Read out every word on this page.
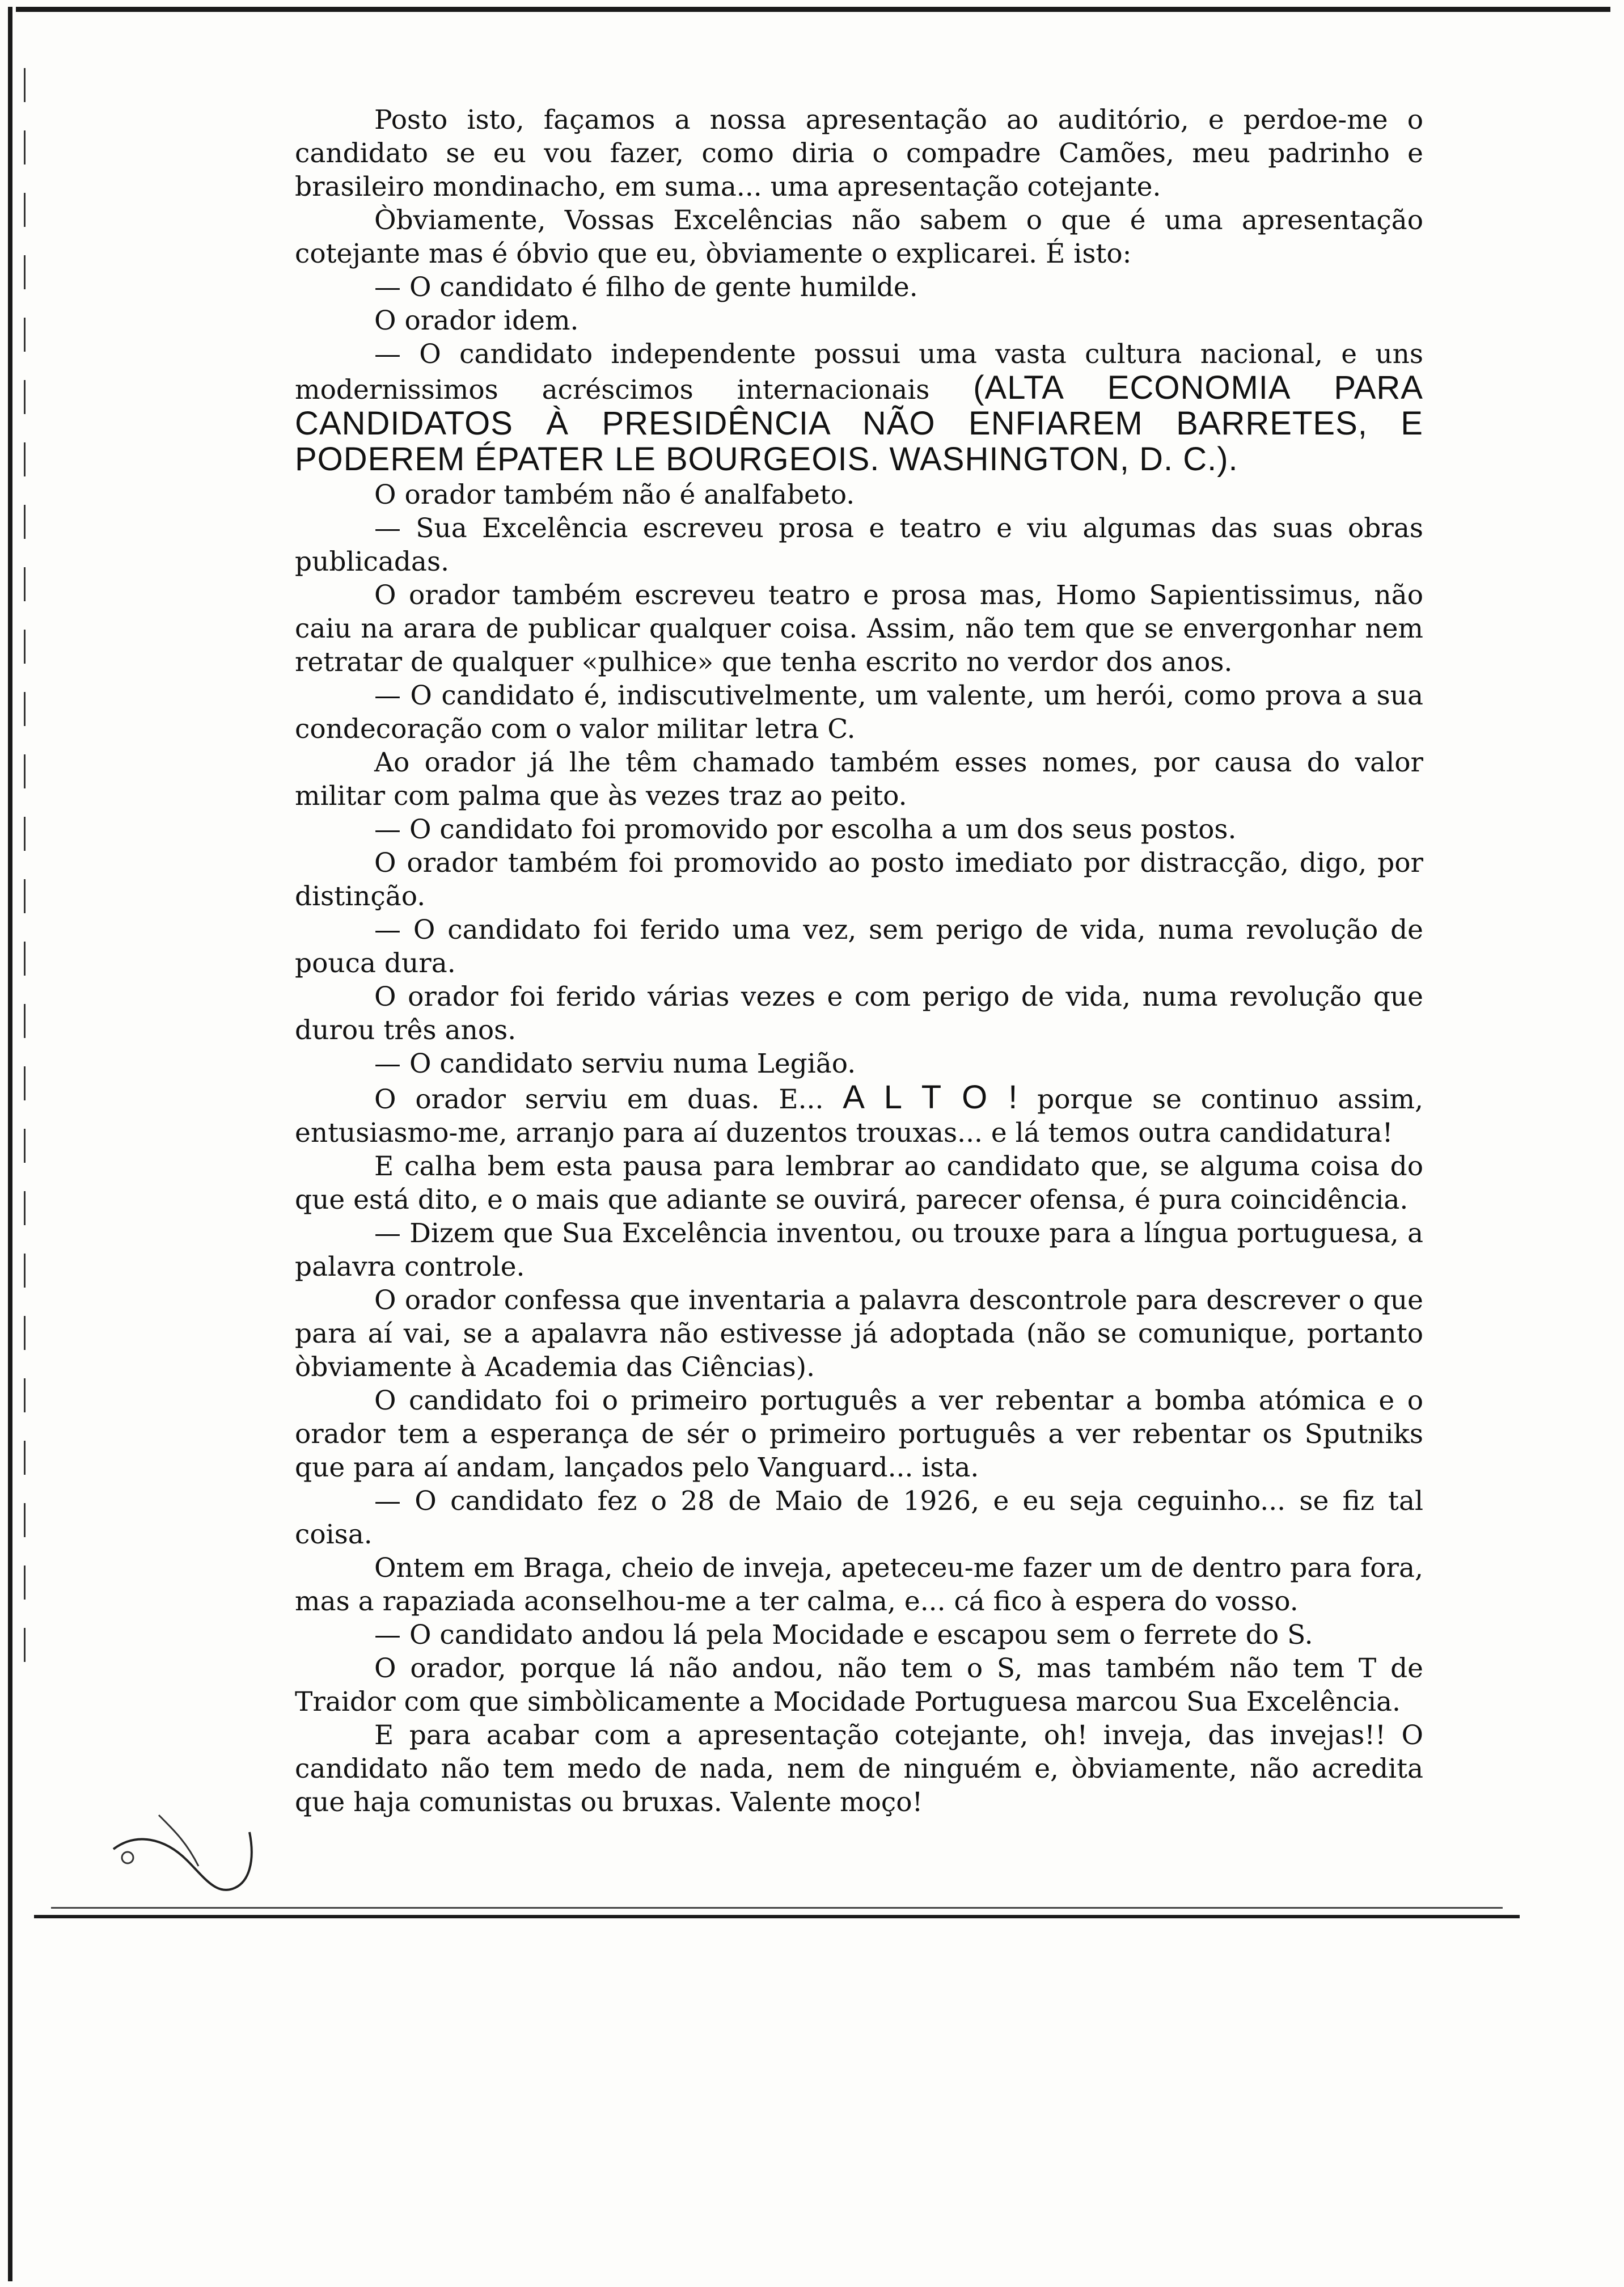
Posto isto, façamos a nossa apresentação ao auditório, e perdoe-me o candidato se eu vou fazer, como diria o compadre Camões, meu padrinho e brasileiro mondinacho, em suma... uma apresentação cotejante.

Òbviamente, Vossas Excelências não sabem o que é uma apresentação cotejante mas é óbvio que eu, òbviamente o explicarei. É isto:

— O candidato é filho de gente humilde.

O orador idem.

— O candidato independente possui uma vasta cultura nacional, e uns modernissimos acréscimos internacionais (ALTA ECONOMIA PARA CANDIDATOS À PRESIDÊNCIA NÃO ENFIAREM BARRETES, E PODEREM ÉPATER LE BOURGEOIS. WASHINGTON, D. C.).

O orador também não é analfabeto.

— Sua Excelência escreveu prosa e teatro e viu algumas das suas obras publicadas.

O orador também escreveu teatro e prosa mas, Homo Sapientissimus, não caiu na arara de publicar qualquer coisa. Assim, não tem que se envergonhar nem retratar de qualquer «pulhice» que tenha escrito no verdor dos anos.

— O candidato é, indiscutivelmente, um valente, um herói, como prova a sua condecoração com o valor militar letra C.

Ao orador já lhe têm chamado também esses nomes, por causa do valor militar com palma que às vezes traz ao peito.

— O candidato foi promovido por escolha a um dos seus postos.

O orador também foi promovido ao posto imediato por distracção, digo, por distinção.

— O candidato foi ferido uma vez, sem perigo de vida, numa revolução de pouca dura.

O orador foi ferido várias vezes e com perigo de vida, numa revolução que durou três anos.

— O candidato serviu numa Legião.

O orador serviu em duas. E... A L T O ! porque se continuo assim, entusiasmo-me, arranjo para aí duzentos trouxas... e lá temos outra candidatura!

E calha bem esta pausa para lembrar ao candidato que, se alguma coisa do que está dito, e o mais que adiante se ouvirá, parecer ofensa, é pura coincidência.

— Dizem que Sua Excelência inventou, ou trouxe para a língua portuguesa, a palavra controle.

O orador confessa que inventaria a palavra descontrole para descrever o que para aí vai, se a apalavra não estivesse já adoptada (não se comunique, portanto òbviamente à Academia das Ciências).

O candidato foi o primeiro português a ver rebentar a bomba atómica e o orador tem a esperança de sér o primeiro português a ver rebentar os Sputniks que para aí andam, lançados pelo Vanguard... ista.

— O candidato fez o 28 de Maio de 1926, e eu seja ceguinho... se fiz tal coisa.

Ontem em Braga, cheio de inveja, apeteceu-me fazer um de dentro para fora, mas a rapaziada aconselhou-me a ter calma, e... cá fico à espera do vosso.

— O candidato andou lá pela Mocidade e escapou sem o ferrete do S.

O orador, porque lá não andou, não tem o S, mas também não tem T de Traidor com que simbòlicamente a Mocidade Portuguesa marcou Sua Excelência.

E para acabar com a apresentação cotejante, oh! inveja, das invejas!! O candidato não tem medo de nada, nem de ninguém e, òbviamente, não acredita que haja comunistas ou bruxas. Valente moço!
